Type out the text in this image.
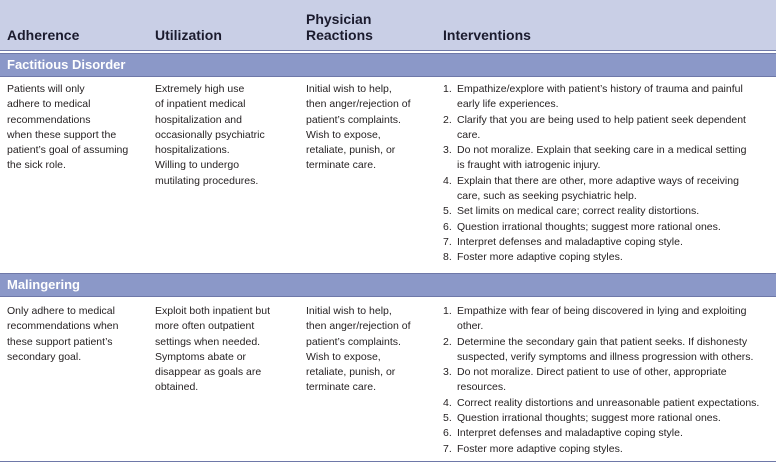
Adherence	Utilization
Physician
Reactions	Interventions
Factitious Disorder
Patients will only
adhere to medical
recommendations
when these support the
patient’s goal of assuming
the sick role.
Extremely high use
of inpatient medical
hospitalization and
occasionally psychiatric
hospitalizations.
Willing to undergo
mutilating procedures.
Initial wish to help,
then anger/rejection of
patient’s complaints.
Wish to expose,
retaliate, punish, or
terminate care.
1. Empathize/explore with patient’s history of trauma and painful
early life experiences.
2. Clarify that you are being used to help patient seek dependent
care.
3. Do not moralize. Explain that seeking care in a medical setting
is fraught with iatrogenic injury.
4. Explain that there are other, more adaptive ways of receiving
care, such as seeking psychiatric help.
5. Set limits on medical care; correct reality distortions.
6. Question irrational thoughts; suggest more rational ones.
7. Interpret defenses and maladaptive coping style.
8. Foster more adaptive coping styles.
Malingering
Only adhere to medical
recommendations when
these support patient’s
secondary goal.
Exploit both inpatient but
more often outpatient
settings when needed.
Symptoms abate or
disappear as goals are
obtained.
Initial wish to help,
then anger/rejection of
patient’s complaints.
Wish to expose,
retaliate, punish, or
terminate care.
1. Empathize with fear of being discovered in lying and exploiting
other.
2. Determine the secondary gain that patient seeks. If dishonesty
suspected, verify symptoms and illness progression with others.
3. Do not moralize. Direct patient to use of other, appropriate
resources.
4. Correct reality distortions and unreasonable patient expectations.
5. Question irrational thoughts; suggest more rational ones.
6. Interpret defenses and maladaptive coping style.
7. Foster more adaptive coping styles.
